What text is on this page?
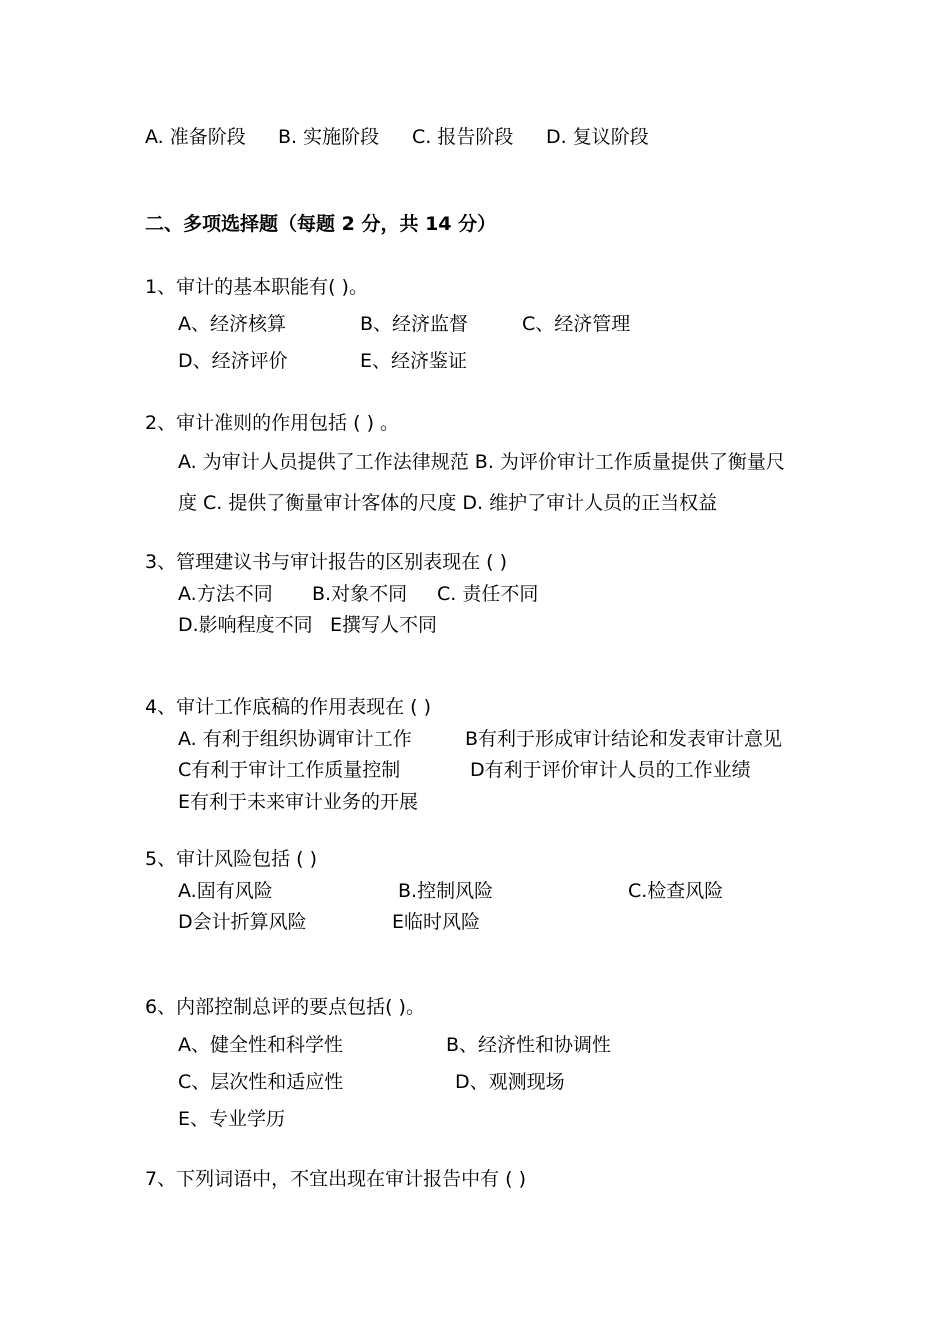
A. 准备阶段 B. 实施阶段 C. 报告阶段 D. 复议阶段
二、多项选择题（每题 2 分，共 14 分）
1、审计的基本职能有( )。
A、经济核算	B、经济监督	C、经济管理
D、经济评价	E、经济鉴证
2、审计准则的作用包括 ( ) 。
A. 为审计人员提供了工作法律规范 B. 为评价审计工作质量提供了衡量尺
度 C. 提供了衡量审计客体的尺度 D. 维护了审计人员的正当权益
3、管理建议书与审计报告的区别表现在 ( )
A.方法不同 B.对象不同 C. 责任不同
D.影响程度不同 E撰写人不同
4、审计工作底稿的作用表现在 ( )
A. 有利于组织协调审计工作	B有利于形成审计结论和发表审计意见
C有利于审计工作质量控制	D有利于评价审计人员的工作业绩
E有利于未来审计业务的开展
5、审计风险包括 ( )
A.固有风险	B.控制风险	C.检查风险
D会计折算风险	E临时风险
6、内部控制总评的要点包括( )。
A、健全性和科学性	B、经济性和协调性
C、层次性和适应性	D、观测现场
E、专业学历
7、下列词语中，不宜出现在审计报告中有 ( )
